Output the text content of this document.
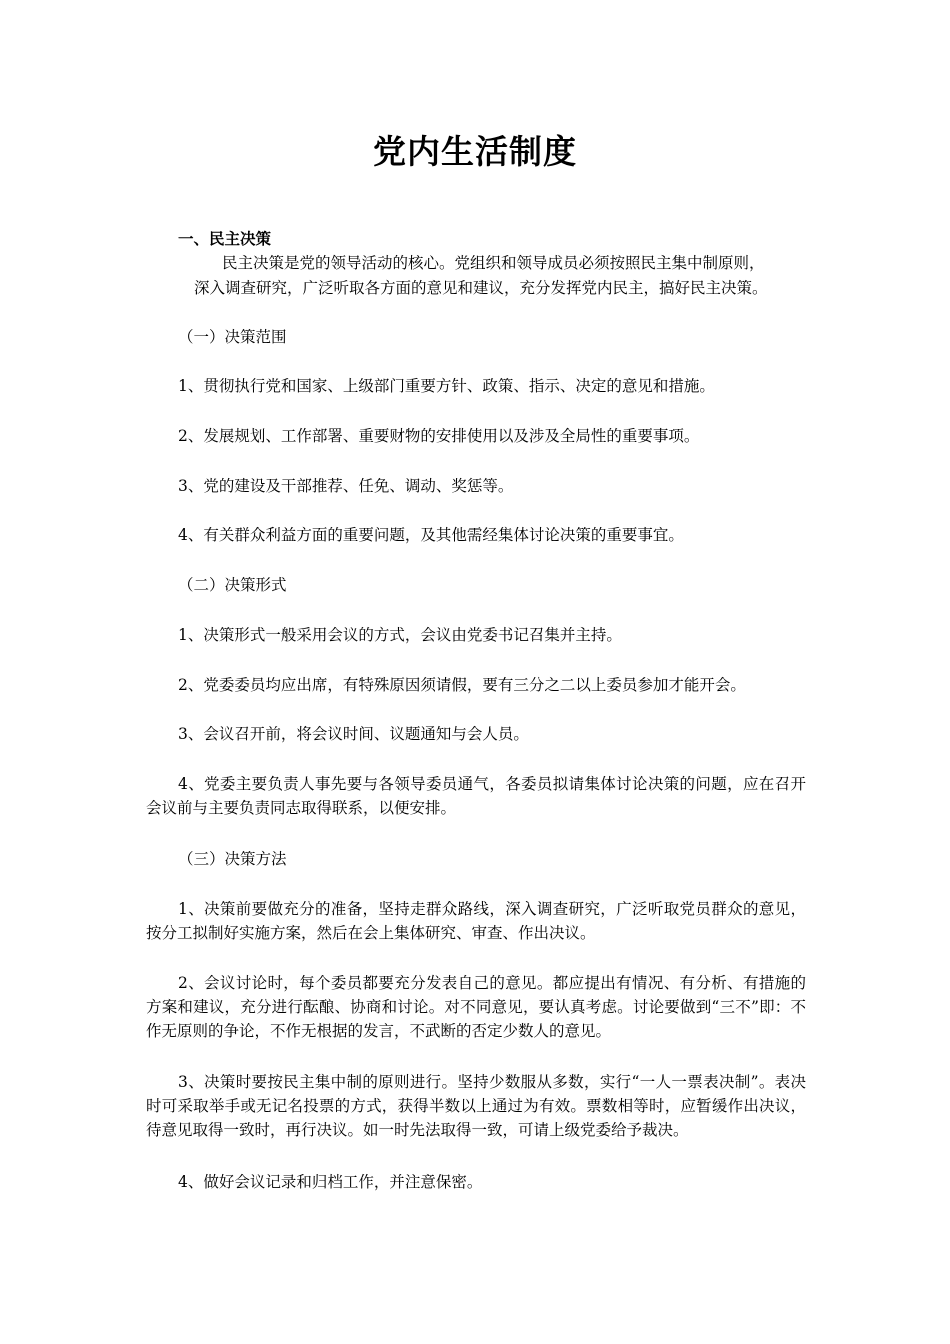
党内生活制度
一、民主决策
民主决策是党的领导活动的核心。党组织和领导成员必须按照民主集中制原则，
深入调查研究，广泛听取各方面的意见和建议，充分发挥党内民主，搞好民主决策。
（一）决策范围
1、贯彻执行党和国家、上级部门重要方针、政策、指示、决定的意见和措施。
2、发展规划、工作部署、重要财物的安排使用以及涉及全局性的重要事项。
3、党的建设及干部推荐、任免、调动、奖惩等。
4、有关群众利益方面的重要问题，及其他需经集体讨论决策的重要事宜。
（二）决策形式
1、决策形式一般采用会议的方式，会议由党委书记召集并主持。
2、党委委员均应出席，有特殊原因须请假，要有三分之二以上委员参加才能开会。
3、会议召开前，将会议时间、议题通知与会人员。
4、党委主要负责人事先要与各领导委员通气，各委员拟请集体讨论决策的问题，应在召开会议前与主要负责同志取得联系，以便安排。
（三）决策方法
1、决策前要做充分的准备，坚持走群众路线，深入调查研究，广泛听取党员群众的意见，按分工拟制好实施方案，然后在会上集体研究、审查、作出决议。
2、会议讨论时，每个委员都要充分发表自己的意见。都应提出有情况、有分析、有措施的方案和建议，充分进行酝酿、协商和讨论。对不同意见，要认真考虑。讨论要做到“三不”即：不作无原则的争论，不作无根据的发言，不武断的否定少数人的意见。
3、决策时要按民主集中制的原则进行。坚持少数服从多数，实行“一人一票表决制”。表决时可采取举手或无记名投票的方式，获得半数以上通过为有效。票数相等时，应暂缓作出决议，待意见取得一致时，再行决议。如一时先法取得一致，可请上级党委给予裁决。
4、做好会议记录和归档工作，并注意保密。
